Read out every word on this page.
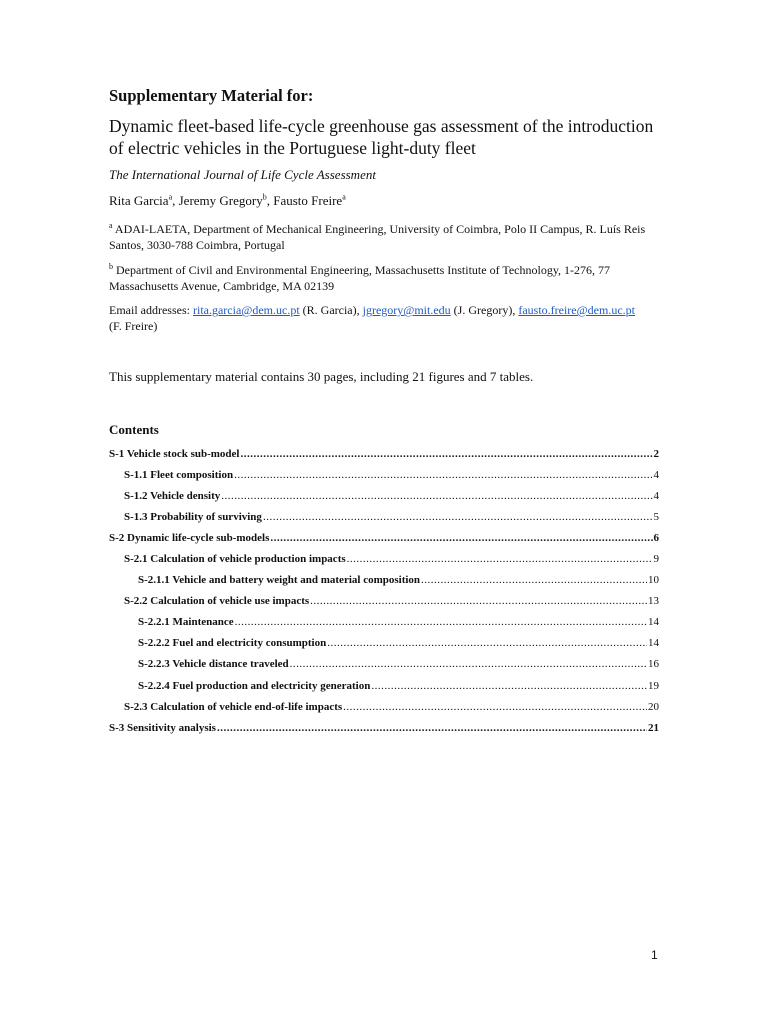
Supplementary Material for:
Dynamic fleet-based life-cycle greenhouse gas assessment of the introduction of electric vehicles in the Portuguese light-duty fleet
The International Journal of Life Cycle Assessment
Rita Garcia$^a$, Jeremy Gregory$^b$, Fausto Freire$^a$
$^a$ ADAI-LAETA, Department of Mechanical Engineering, University of Coimbra, Polo II Campus, R. Luís Reis Santos, 3030-788 Coimbra, Portugal
$^b$ Department of Civil and Environmental Engineering, Massachusetts Institute of Technology, 1-276, 77 Massachusetts Avenue, Cambridge, MA 02139
Email addresses: rita.garcia@dem.uc.pt (R. Garcia), jgregory@mit.edu (J. Gregory), fausto.freire@dem.uc.pt (F. Freire)
This supplementary material contains 30 pages, including 21 figures and 7 tables.
Contents
S-1 Vehicle stock sub-model .....	2
S-1.1 Fleet composition .....	4
S-1.2 Vehicle density .....	4
S-1.3 Probability of surviving .....	5
S-2 Dynamic life-cycle sub-models .....	6
S-2.1 Calculation of vehicle production impacts .....	9
S-2.1.1 Vehicle and battery weight and material composition .....	10
S-2.2 Calculation of vehicle use impacts .....	13
S-2.2.1 Maintenance .....	14
S-2.2.2 Fuel and electricity consumption .....	14
S-2.2.3 Vehicle distance traveled .....	16
S-2.2.4 Fuel production and electricity generation .....	19
S-2.3 Calculation of vehicle end-of-life impacts .....	20
S-3 Sensitivity analysis .....	21
1
